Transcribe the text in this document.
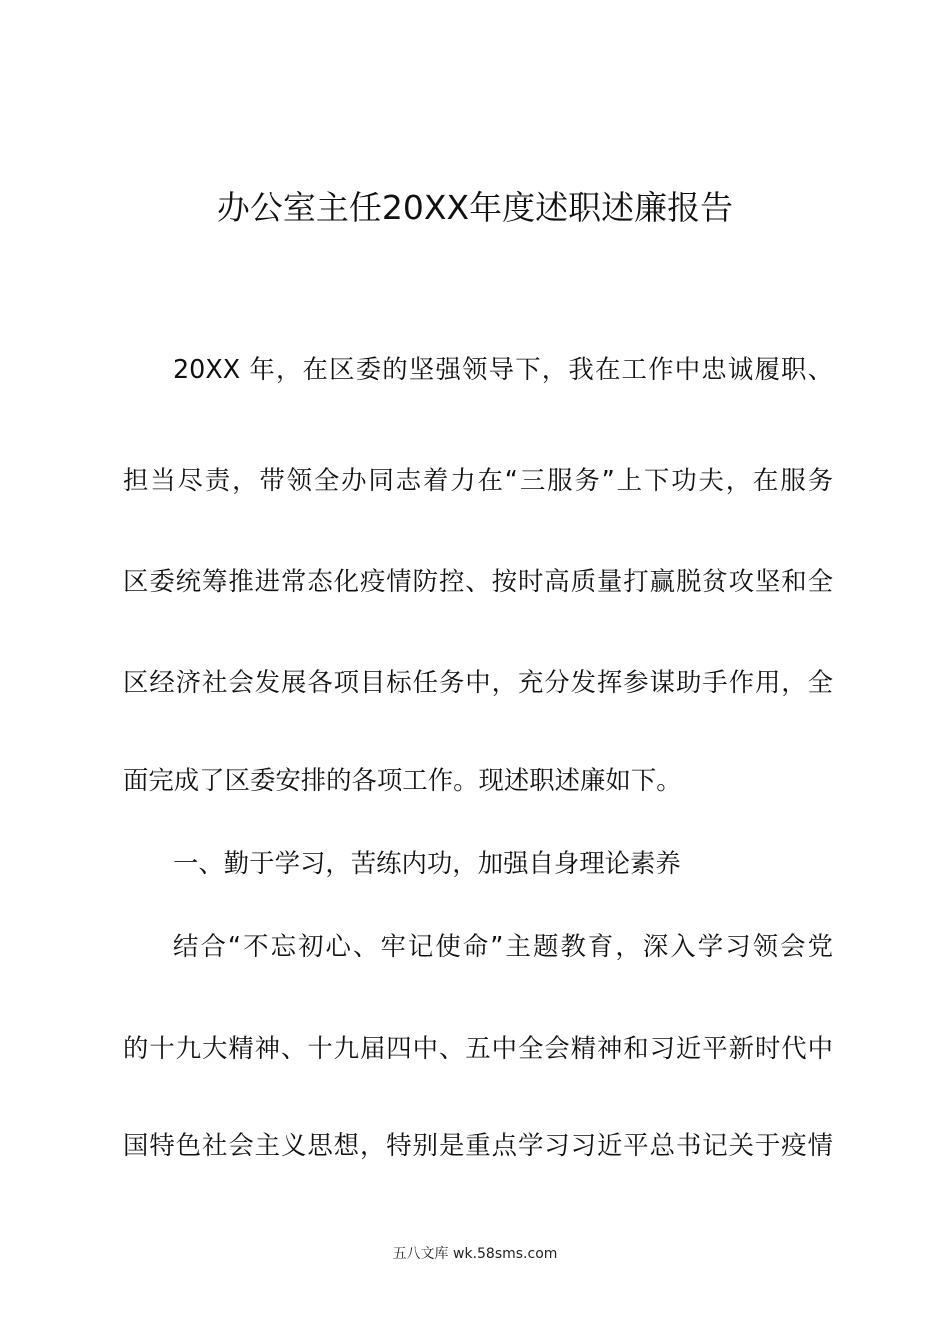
办公室主任20XX年度述职述廉报告
20XX 年，在区委的坚强领导下，我在工作中忠诚履职、
担当尽责，带领全办同志着力在“三服务”上下功夫，在服务
区委统筹推进常态化疫情防控、按时高质量打赢脱贫攻坚和全
区经济社会发展各项目标任务中，充分发挥参谋助手作用，全
面完成了区委安排的各项工作。现述职述廉如下。
一、勤于学习，苦练内功，加强自身理论素养
结合“不忘初心、牢记使命”主题教育，深入学习领会党
的十九大精神、十九届四中、五中全会精神和习近平新时代中
国特色社会主义思想，特别是重点学习习近平总书记关于疫情
五八文库 wk.58sms.com
